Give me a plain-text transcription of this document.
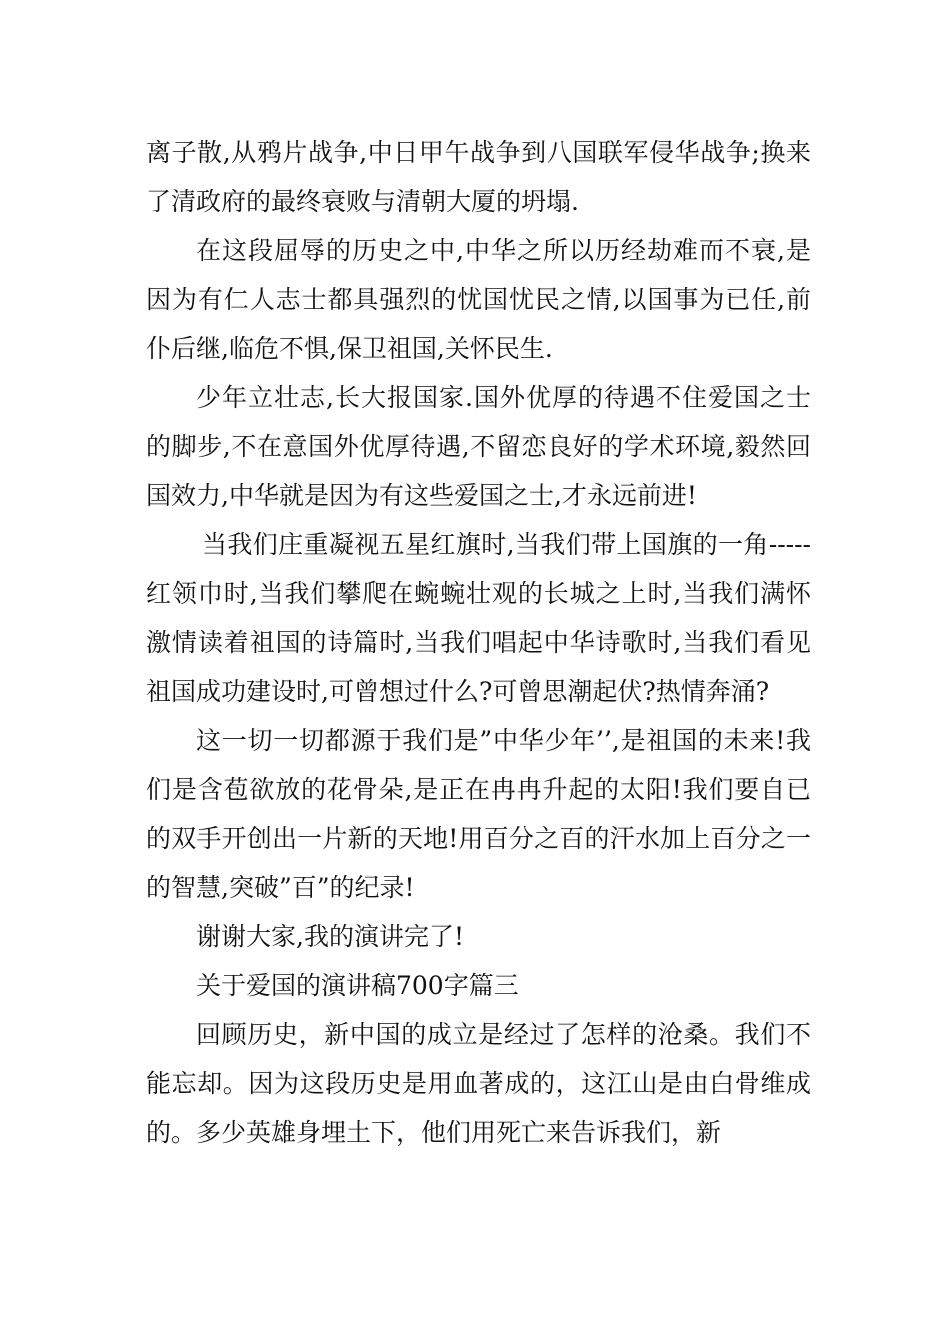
离子散,从鸦片战争,中日甲午战争到八国联军侵华战争;换来了清政府的最终衰败与清朝大厦的坍塌.

在这段屈辱的历史之中,中华之所以历经劫难而不衰,是因为有仁人志士都具强烈的忧国忧民之情,以国事为已任,前仆后继,临危不惧,保卫祖国,关怀民生.

少年立壮志,长大报国家.国外优厚的待遇不住爱国之士的脚步,不在意国外优厚待遇,不留恋良好的学术环境,毅然回国效力,中华就是因为有这些爱国之士,才永远前进!

当我们庄重凝视五星红旗时,当我们带上国旗的一角-----红领巾时,当我们攀爬在蜿蜿壮观的长城之上时,当我们满怀激情读着祖国的诗篇时,当我们唱起中华诗歌时,当我们看见祖国成功建设时,可曾想过什么?可曾思潮起伏?热情奔涌?

这一切一切都源于我们是”中华少年’’,是祖国的未来!我们是含苞欲放的花骨朵,是正在冉冉升起的太阳!我们要自已的双手开创出一片新的天地!用百分之百的汗水加上百分之一的智慧,突破”百”的纪录!

谢谢大家,我的演讲完了!

关于爱国的演讲稿700字篇三

回顾历史，新中国的成立是经过了怎样的沧桑。我们不能忘却。因为这段历史是用血著成的，这江山是由白骨维成的。多少英雄身埋土下，他们用死亡来告诉我们，新
